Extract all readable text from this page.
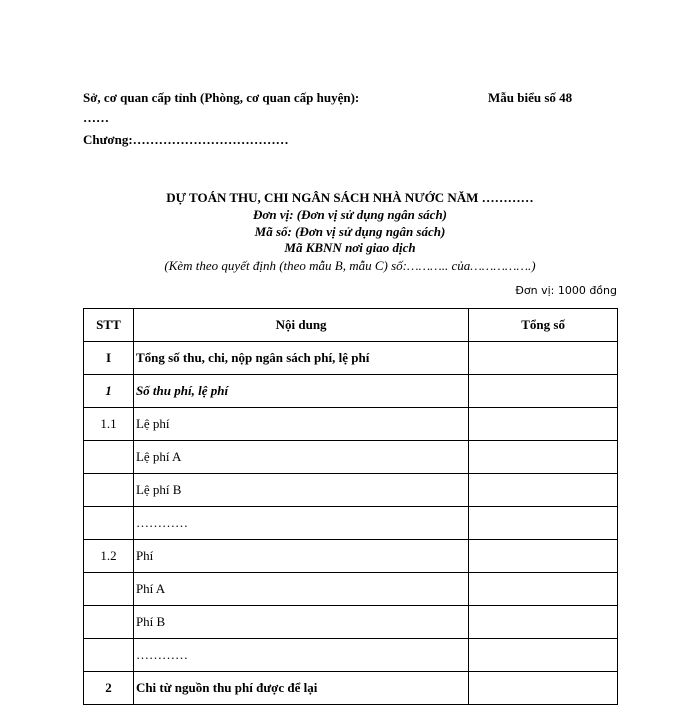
Sở, cơ quan cấp tỉnh (Phòng, cơ quan cấp huyện):
……
Mẫu biểu số 48
Chương:………………………………
DỰ TOÁN THU, CHI NGÂN SÁCH NHÀ NƯỚC NĂM …………
Đơn vị: (Đơn vị sử dụng ngân sách)
Mã số: (Đơn vị sử dụng ngân sách)
Mã KBNN nơi giao dịch
(Kèm theo quyết định (theo mẫu B, mẫu C) số:……….. của…………….)
Đơn vị: 1000 đồng
STT	Nội dung	Tổng số
I	Tổng số thu, chi, nộp ngân sách phí, lệ phí	
1	Số thu phí, lệ phí	
1.1	Lệ phí	
	Lệ phí A	
	Lệ phí B	
	…………	
1.2	Phí	
	Phí A	
	Phí B	
	…………	
2	Chi từ nguồn thu phí được để lại	
